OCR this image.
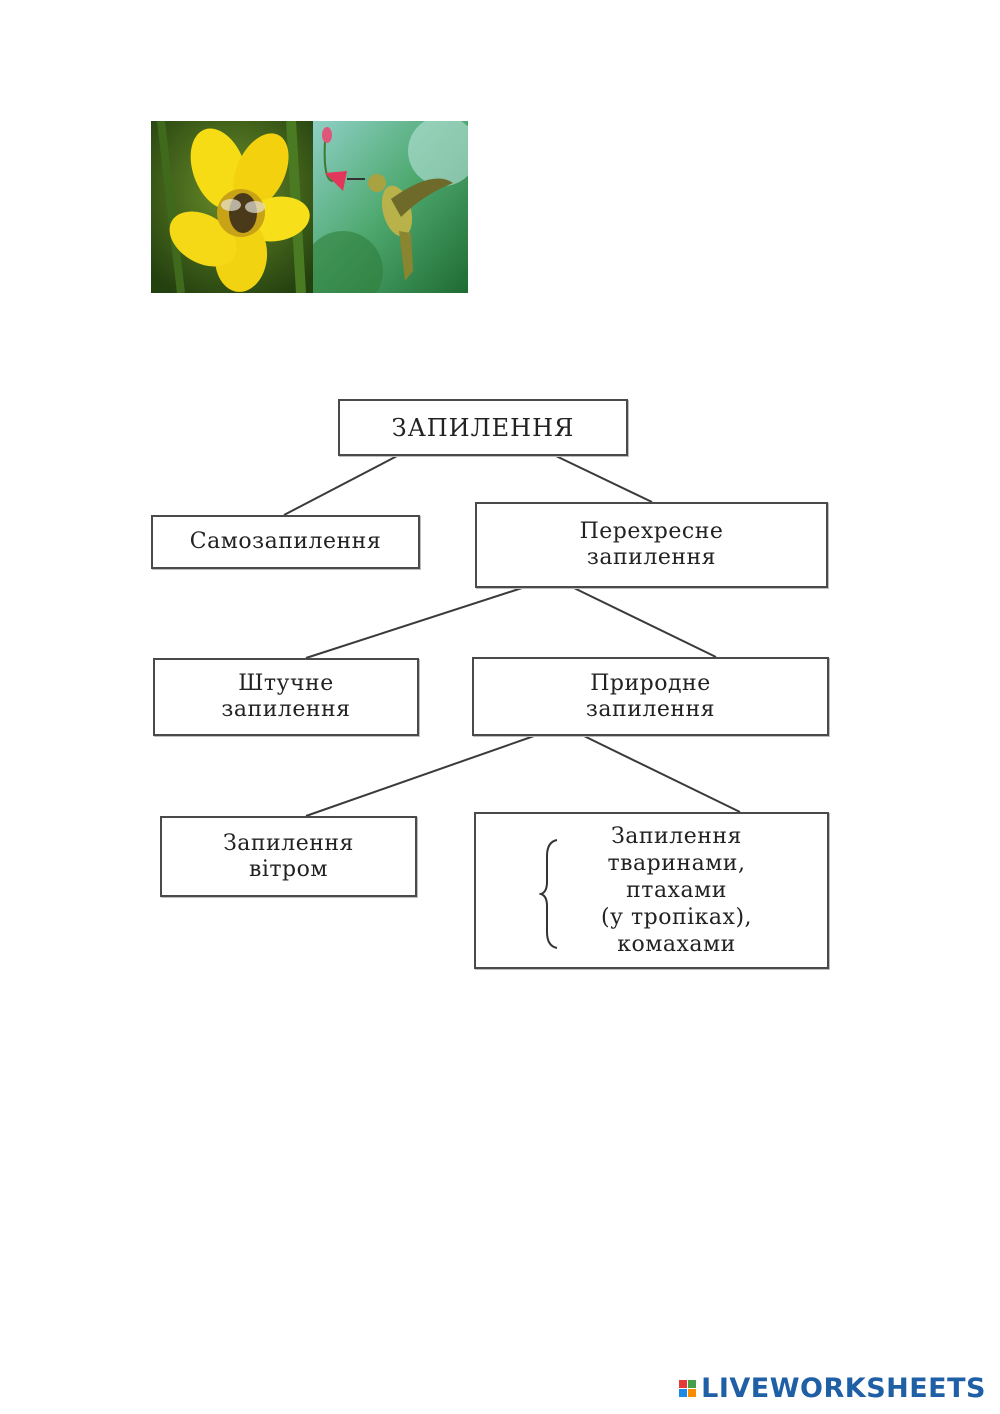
ЗАПИЛЕННЯ
Самозапилення	Перехресне
запилення
Штучне
запилення
Природне
запилення
Запилення
вітром
Запилення
тваринами,
птахами
(у тропіках),
комахами
LIVEWORKSHEETS
